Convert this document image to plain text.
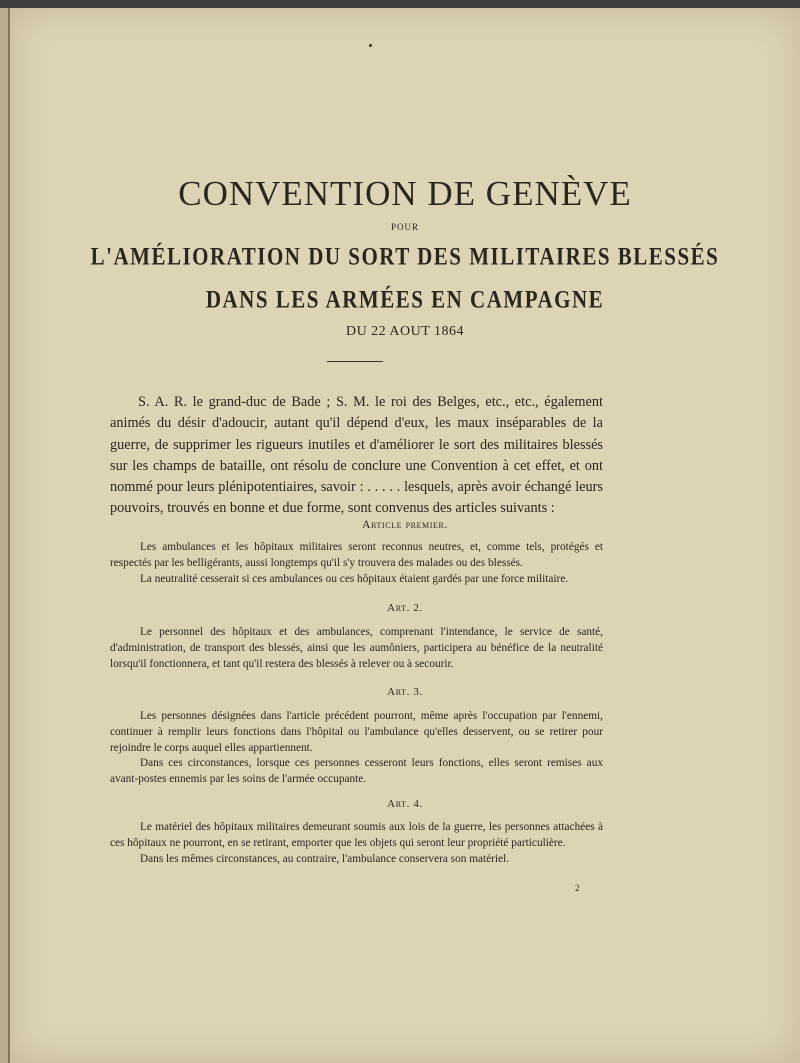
CONVENTION DE GENÈVE
POUR
L'AMÉLIORATION DU SORT DES MILITAIRES BLESSÉS
DANS LES ARMÉES EN CAMPAGNE
DU 22 AOUT 1864
S. A. R. le grand-duc de Bade ; S. M. le roi des Belges, etc., etc., également animés du désir d'adoucir, autant qu'il dépend d'eux, les maux inséparables de la guerre, de supprimer les rigueurs inutiles et d'améliorer le sort des militaires blessés sur les champs de bataille, ont résolu de conclure une Convention à cet effet, et ont nommé pour leurs plénipotentiaires, savoir : . . . . . lesquels, après avoir échangé leurs pouvoirs, trouvés en bonne et due forme, sont convenus des articles suivants :
Article premier.

Les ambulances et les hôpitaux militaires seront reconnus neutres, et, comme tels, protégés et respectés par les belligérants, aussi longtemps qu'il s'y trouvera des malades ou des blessés.

La neutralité cesserait si ces ambulances ou ces hôpitaux étaient gardés par une force militaire.

Art. 2.

Le personnel des hôpitaux et des ambulances, comprenant l'intendance, le service de santé, d'administration, de transport des blessés, ainsi que les aumôniers, participera au bénéfice de la neutralité lorsqu'il fonctionnera, et tant qu'il restera des blessés à relever ou à secourir.

Art. 3.

Les personnes désignées dans l'article précédent pourront, même après l'occupation par l'ennemi, continuer à remplir leurs fonctions dans l'hôpital ou l'ambulance qu'elles desservent, ou se retirer pour rejoindre le corps auquel elles appartiennent.

Dans ces circonstances, lorsque ces personnes cesseront leurs fonctions, elles seront remises aux avant-postes ennemis par les soins de l'armée occupante.

Art. 4.

Le matériel des hôpitaux militaires demeurant soumis aux lois de la guerre, les personnes attachées à ces hôpitaux ne pourront, en se retirant, emporter que les objets qui seront leur propriété particulière.

Dans les mêmes circonstances, au contraire, l'ambulance conservera son matériel.

2
